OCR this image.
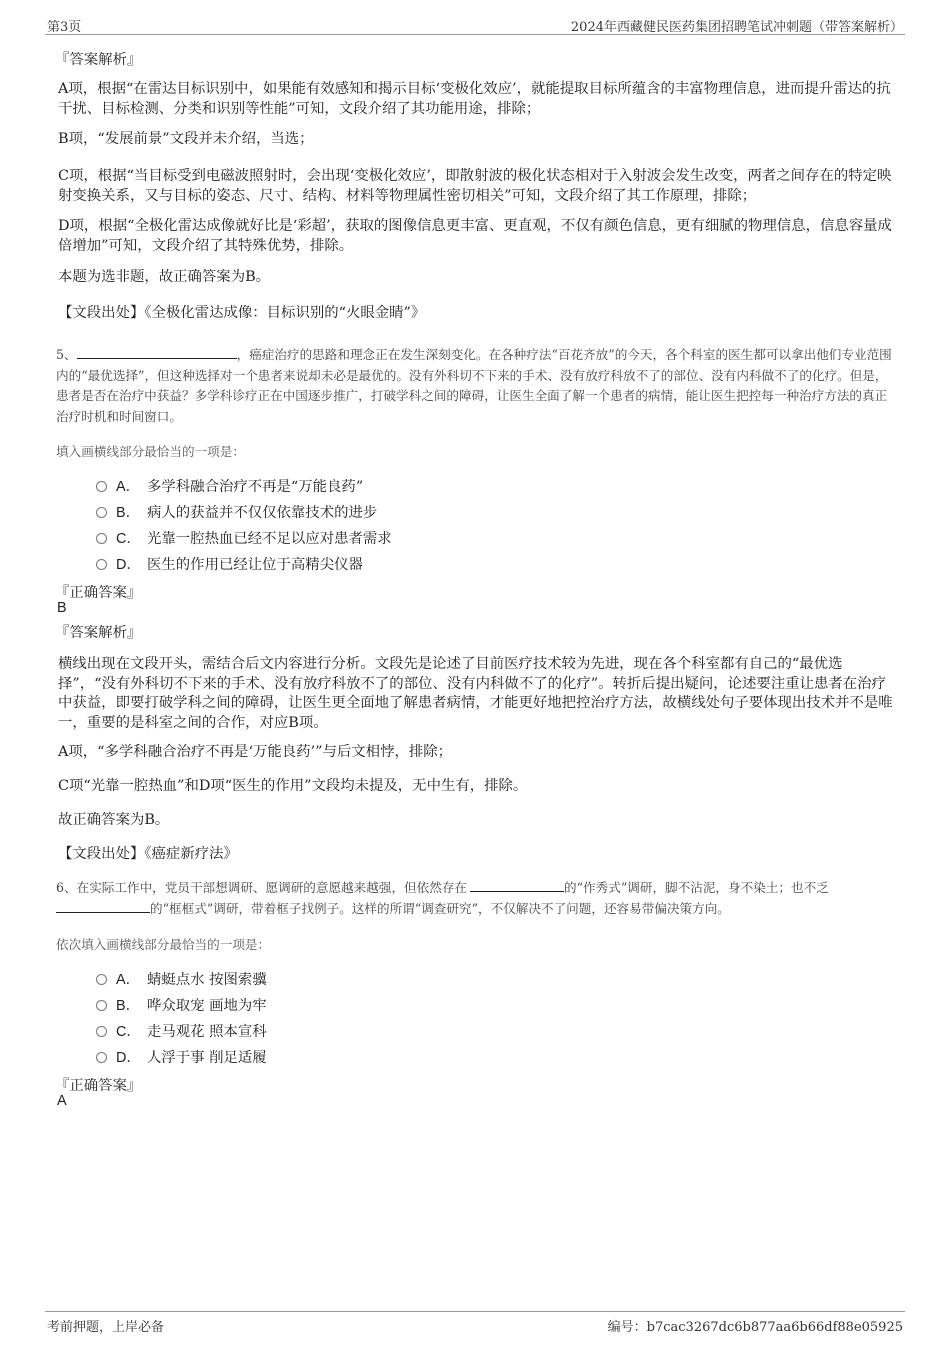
第3页	2024年西藏健民医药集团招聘笔试冲刺题（带答案解析）
『答案解析』
A项，根据“在雷达目标识别中，如果能有效感知和揭示目标‘变极化效应’，就能提取目标所蕴含的丰富物理信息，进而提升雷达的抗干扰、目标检测、分类和识别等性能”可知，文段介绍了其功能用途，排除；
B项，“发展前景”文段并未介绍，当选；
C项，根据“当目标受到电磁波照射时，会出现‘变极化效应’，即散射波的极化状态相对于入射波会发生改变，两者之间存在的特定映射变换关系，又与目标的姿态、尺寸、结构、材料等物理属性密切相关”可知，文段介绍了其工作原理，排除；
D项，根据“全极化雷达成像就好比是‘彩超’，获取的图像信息更丰富、更直观，不仅有颜色信息，更有细腻的物理信息，信息容量成倍增加”可知，文段介绍了其特殊优势，排除。
本题为选非题，故正确答案为B。
【文段出处】《全极化雷达成像：目标识别的“火眼金睛”》
5、	，癌症治疗的思路和理念正在发生深刻变化。在各种疗法“百花齐放”的今天，各个科室的医生都可以拿出他们专业范围内的“最优选择”，但这种选择对一个患者来说却未必是最优的。没有外科切不下来的手术、没有放疗科放不了的部位、没有内科做不了的化疗。但是，患者是否在治疗中获益？多学科诊疗正在中国逐步推广，打破学科之间的障碍，让医生全面了解一个患者的病情，能让医生把控每一种治疗方法的真正治疗时机和时间窗口。
填入画横线部分最恰当的一项是：
A． 多学科融合治疗不再是“万能良药”
B． 病人的获益并不仅仅依靠技术的进步
C． 光靠一腔热血已经不足以应对患者需求
D． 医生的作用已经让位于高精尖仪器
『正确答案』
B
『答案解析』
横线出现在文段开头，需结合后文内容进行分析。文段先是论述了目前医疗技术较为先进，现在各个科室都有自己的“最优选择”，“没有外科切不下来的手术、没有放疗科放不了的部位、没有内科做不了的化疗”。转折后提出疑问，论述要注重让患者在治疗中获益，即要打破学科之间的障碍，让医生更全面地了解患者病情，才能更好地把控治疗方法，故横线处句子要体现出技术并不是唯一，重要的是科室之间的合作，对应B项。
A项，“多学科融合治疗不再是‘万能良药’”与后文相悖，排除；
C项“光靠一腔热血”和D项“医生的作用”文段均未提及，无中生有，排除。
故正确答案为B。
【文段出处】《癌症新疗法》
6、在实际工作中，党员干部想调研、愿调研的意愿越来越强，但依然存在	的“作秀式”调研，脚不沾泥，身不染土；也不乏
的“框框式”调研，带着框子找例子。这样的所谓“调查研究”，不仅解决不了问题，还容易带偏决策方向。
依次填入画横线部分最恰当的一项是：
A． 蜻蜓点水 按图索骥
B． 哗众取宠 画地为牢
C． 走马观花 照本宣科
D． 人浮于事 削足适履
『正确答案』
A
考前押题，上岸必备	编号：b7cac3267dc6b877aa6b66df88e05925
